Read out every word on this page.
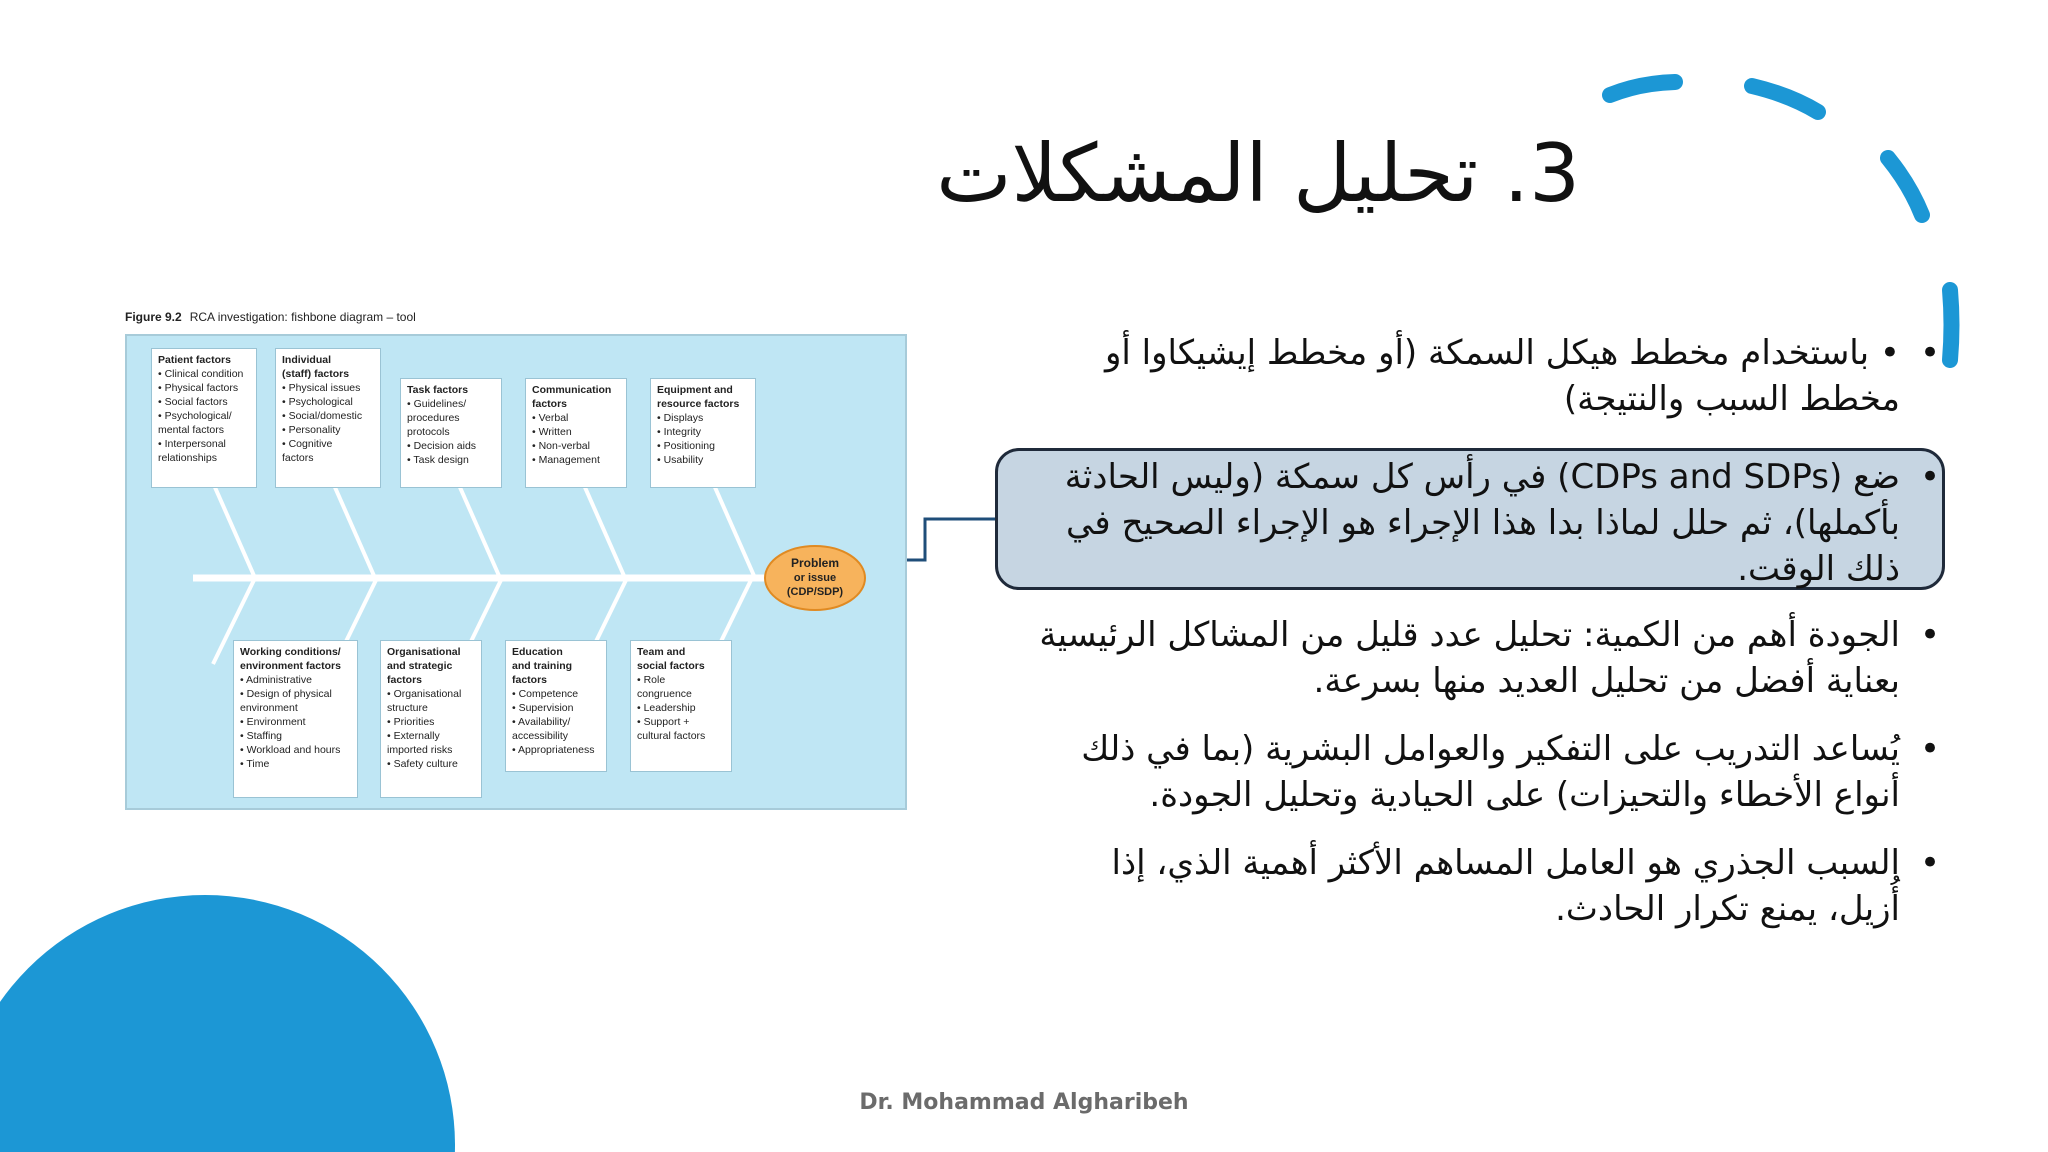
3. تحليل المشكلات
•
• باستخدام مخطط هيكل السمكة (أو مخطط إيشيكاوا أو مخطط السبب والنتيجة)
•
ضع (CDPs and SDPs) في رأس كل سمكة (وليس الحادثة بأكملها)، ثم حلل لماذا بدا هذا الإجراء هو الإجراء الصحيح في ذلك الوقت.
•
الجودة أهم من الكمية: تحليل عدد قليل من المشاكل الرئيسية بعناية أفضل من تحليل العديد منها بسرعة.
•
يُساعد التدريب على التفكير والعوامل البشرية (بما في ذلك أنواع الأخطاء والتحيزات) على الحيادية وتحليل الجودة.
•
السبب الجذري هو العامل المساهم الأكثر أهمية الذي، إذا أُزيل، يمنع تكرار الحادث.
Figure 9.2 RCA investigation: fishbone diagram – tool
Problem
or issue
(CDP/SDP)
Patient factors
• Clinical condition
• Physical factors
• Social factors
• Psychological/
mental factors
• Interpersonal
relationships
Individual
(staff) factors
• Physical issues
• Psychological
• Social/domestic
• Personality
• Cognitive
factors
Task factors
• Guidelines/
procedures
protocols
• Decision aids
• Task design
Communication
factors
• Verbal
• Written
• Non-verbal
• Management
Equipment and
resource factors
• Displays
• Integrity
• Positioning
• Usability
Working conditions/
environment factors
• Administrative
• Design of physical
environment
• Environment
• Staffing
• Workload and hours
• Time
Organisational
and strategic
factors
• Organisational
structure
• Priorities
• Externally
imported risks
• Safety culture
Education
and training
factors
• Competence
• Supervision
• Availability/
accessibility
• Appropriateness
Team and
social factors
• Role
congruence
• Leadership
• Support +
cultural factors
Dr. Mohammad Algharibeh
